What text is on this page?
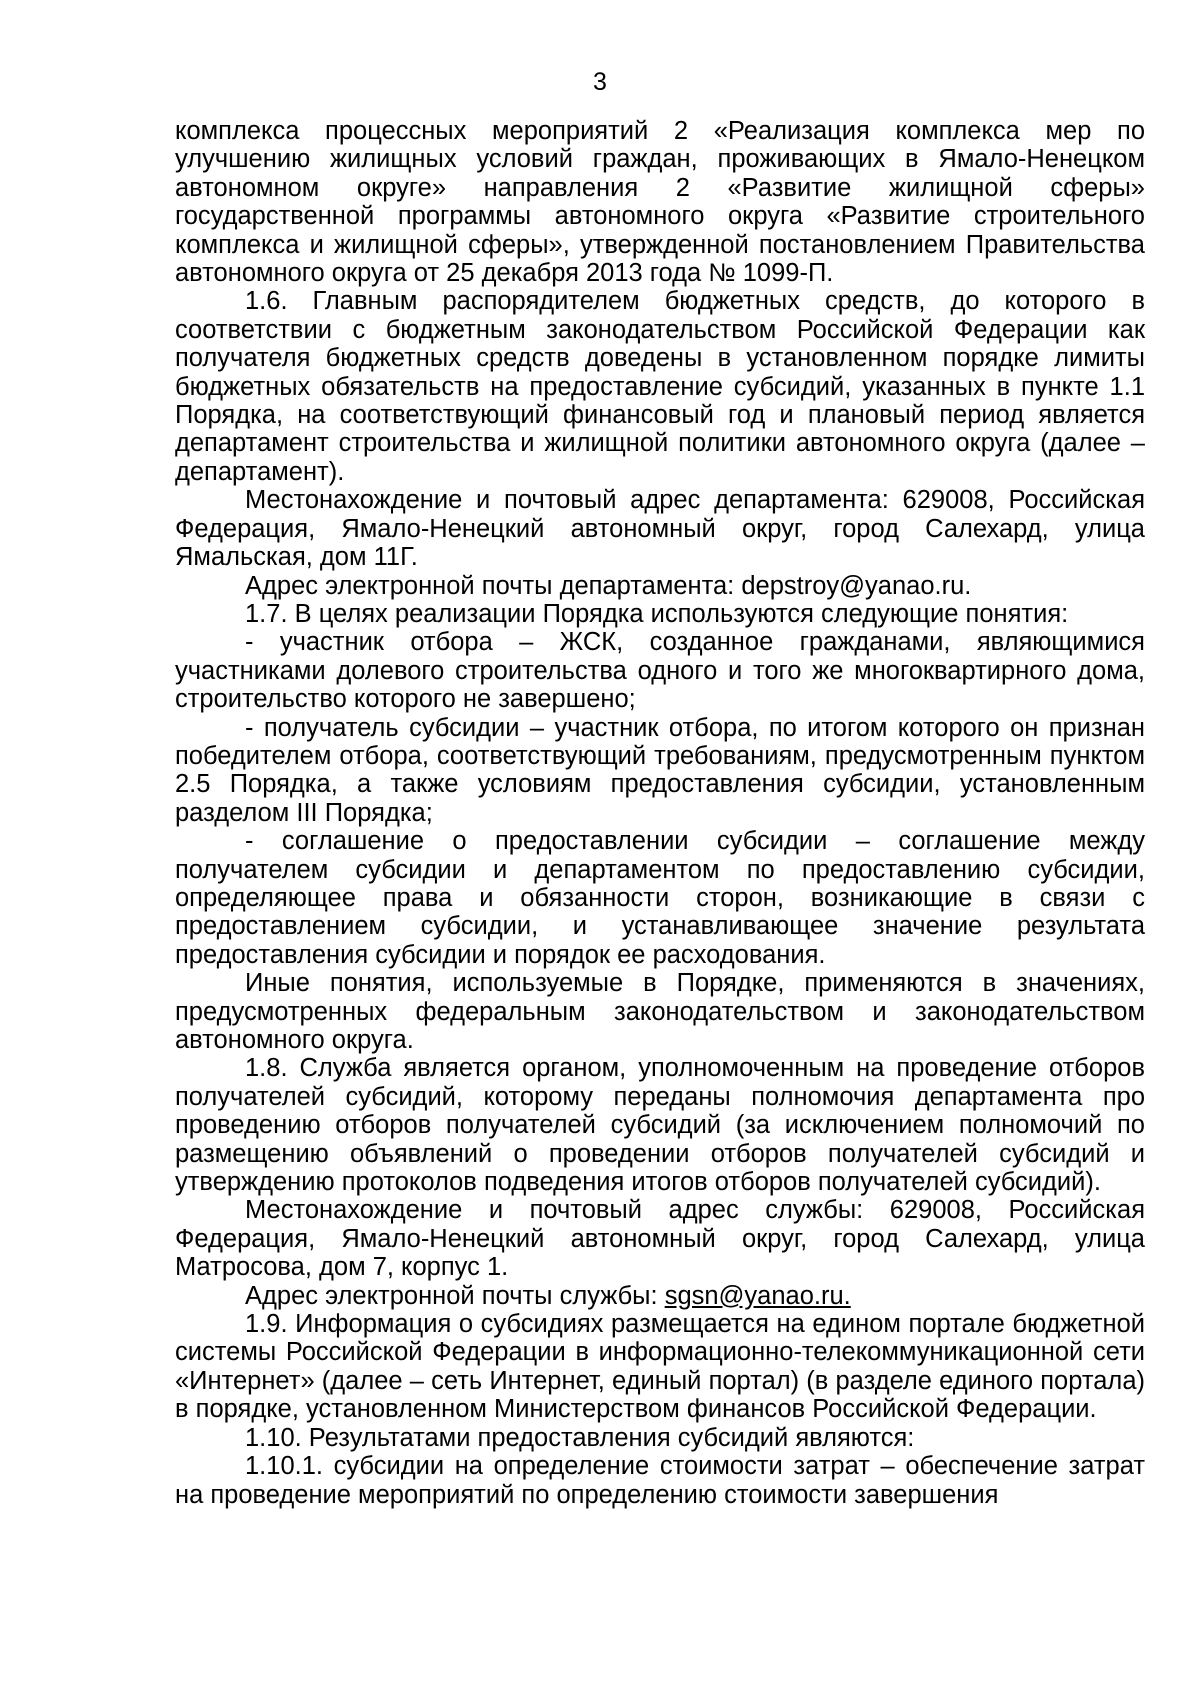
3

комплекса процессных мероприятий 2 «Реализация комплекса мер по улучшению жилищных условий граждан, проживающих в Ямало-Ненецком автономном округе» направления 2 «Развитие жилищной сферы» государственной программы автономного округа «Развитие строительного комплекса и жилищной сферы», утвержденной постановлением Правительства автономного округа от 25 декабря 2013 года № 1099-П.

1.6. Главным распорядителем бюджетных средств, до которого в соответствии с бюджетным законодательством Российской Федерации как получателя бюджетных средств доведены в установленном порядке лимиты бюджетных обязательств на предоставление субсидий, указанных в пункте 1.1 Порядка, на соответствующий финансовый год и плановый период является департамент строительства и жилищной политики автономного округа (далее – департамент).

Местонахождение и почтовый адрес департамента: 629008, Российская Федерация, Ямало-Ненецкий автономный округ, город Салехард, улица Ямальская, дом 11Г.

Адрес электронной почты департамента: depstroy@yanao.ru.

1.7. В целях реализации Порядка используются следующие понятия:

- участник отбора – ЖСК, созданное гражданами, являющимися участниками долевого строительства одного и того же многоквартирного дома, строительство которого не завершено;

- получатель субсидии – участник отбора, по итогом которого он признан победителем отбора, соответствующий требованиям, предусмотренным пунктом 2.5 Порядка, а также условиям предоставления субсидии, установленным разделом III Порядка;

- соглашение о предоставлении субсидии – соглашение между получателем субсидии и департаментом по предоставлению субсидии, определяющее права и обязанности сторон, возникающие в связи с предоставлением субсидии, и устанавливающее значение результата предоставления субсидии и порядок ее расходования.

Иные понятия, используемые в Порядке, применяются в значениях, предусмотренных федеральным законодательством и законодательством автономного округа.

1.8. Служба является органом, уполномоченным на проведение отборов получателей субсидий, которому переданы полномочия департамента про проведению отборов получателей субсидий (за исключением полномочий по размещению объявлений о проведении отборов получателей субсидий и утверждению протоколов подведения итогов отборов получателей субсидий).

Местонахождение и почтовый адрес службы: 629008, Российская Федерация, Ямало-Ненецкий автономный округ, город Салехард, улица Матросова, дом 7, корпус 1.

Адрес электронной почты службы: sgsn@yanao.ru.

1.9. Информация о субсидиях размещается на едином портале бюджетной системы Российской Федерации в информационно-телекоммуникационной сети «Интернет» (далее – сеть Интернет, единый портал) (в разделе единого портала) в порядке, установленном Министерством финансов Российской Федерации.

1.10. Результатами предоставления субсидий являются:

1.10.1. субсидии на определение стоимости затрат – обеспечение затрат на проведение мероприятий по определению стоимости завершения
